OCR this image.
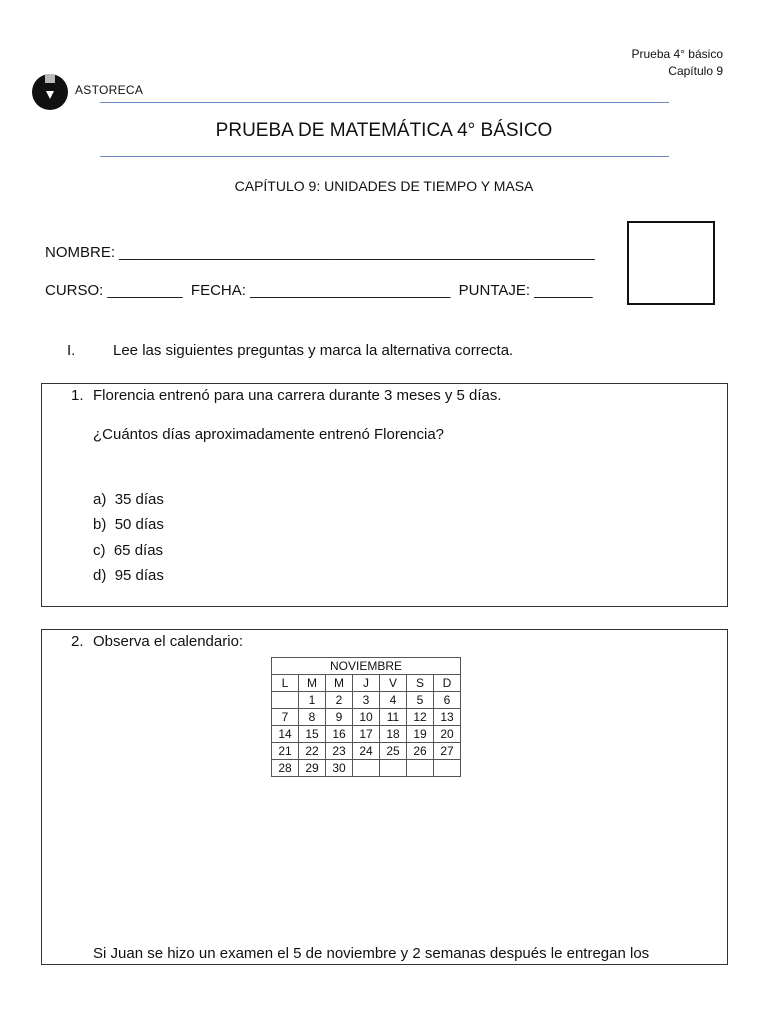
Prueba 4° básico
Capítulo 9
ASTORECA
PRUEBA DE MATEMÁTICA 4° BÁSICO
CAPÍTULO 9: UNIDADES DE TIEMPO Y MASA
NOMBRE: _________________________________________________________
CURSO: _________  FECHA: ________________________  PUNTAJE: _______
I.	Lee las siguientes preguntas y marca la alternativa correcta.
1. Florencia entrenó para una carrera durante 3 meses y 5 días.
¿Cuántos días aproximadamente entrenó Florencia?
a) 35 días
b) 50 días
c) 65 días
d) 95 días
2. Observa el calendario:
Si Juan se hizo un examen el 5 de noviembre y 2 semanas después le entregan los
NOVIEMBRE						
L	M	M	J	V	S	D
	1	2	3	4	5	6
7	8	9	10	11	12	13
14	15	16	17	18	19	20
21	22	23	24	25	26	27
28	29	30				
